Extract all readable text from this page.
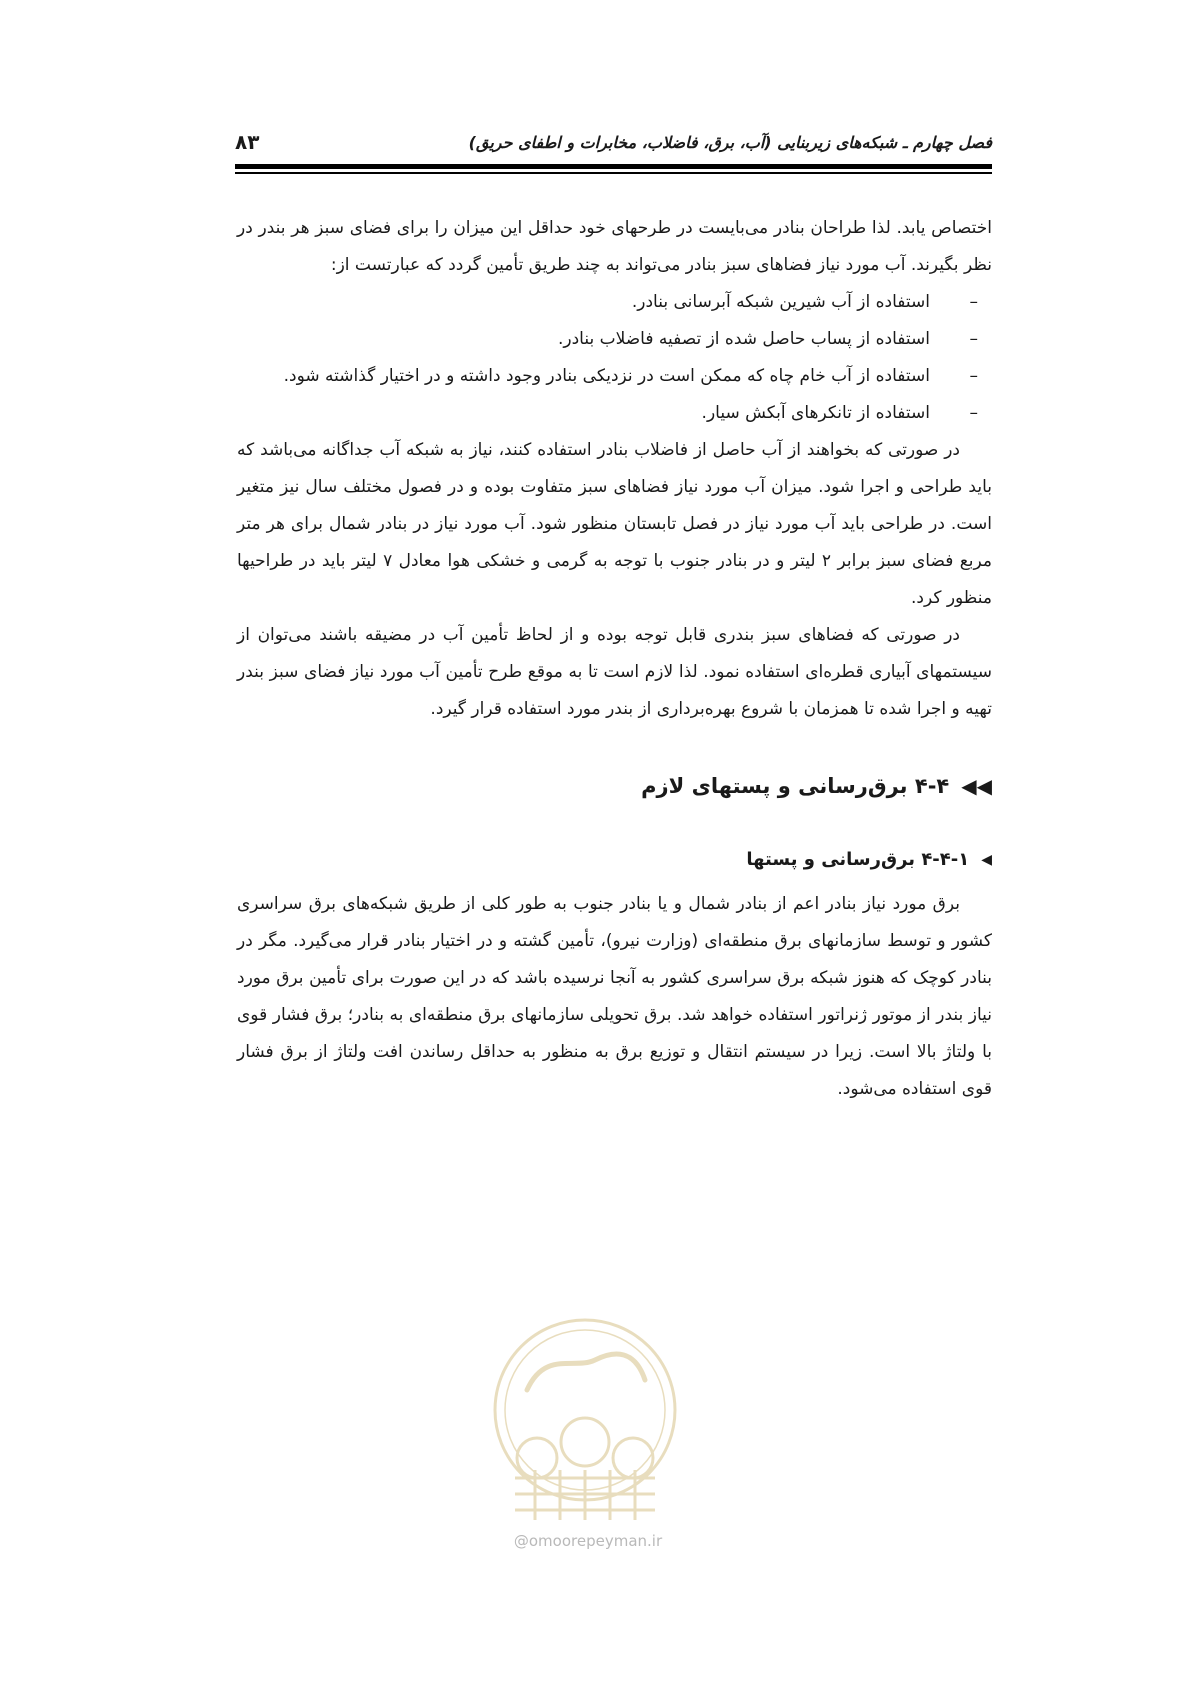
فصل چهارم ـ شبکه‌های زیربنایی (آب، برق، فاضلاب، مخابرات و اطفای حریق)
۸۳

اختصاص یابد. لذا طراحان بنادر می‌بایست در طرحهای خود حداقل این میزان را برای فضای سبز هر بندر در نظر بگیرند. آب مورد نیاز فضاهای سبز بنادر می‌تواند به چند طریق تأمین گردد که عبارتست از:

–
استفاده از آب شیرین شبکه آبرسانی بنادر.
–
استفاده از پساب حاصل شده از تصفیه فاضلاب بنادر.
–
استفاده از آب خام چاه که ممکن است در نزدیکی بنادر وجود داشته و در اختیار گذاشته شود.
–
استفاده از تانکرهای آبکش سیار.

در صورتی که بخواهند از آب حاصل از فاضلاب بنادر استفاده کنند، نیاز به شبکه آب جداگانه می‌باشد که باید طراحی و اجرا شود. میزان آب مورد نیاز فضاهای سبز متفاوت بوده و در فصول مختلف سال نیز متغیر است. در طراحی باید آب مورد نیاز در فصل تابستان منظور شود. آب مورد نیاز در بنادر شمال برای هر متر مربع فضای سبز برابر ۲ لیتر و در بنادر جنوب با توجه به گرمی و خشکی هوا معادل ۷ لیتر باید در طراحیها منظور کرد.

در صورتی که فضاهای سبز بندری قابل توجه بوده و از لحاظ تأمین آب در مضیقه باشند می‌توان از سیستمهای آبیاری قطره‌ای استفاده نمود. لذا لازم است تا به موقع طرح تأمین آب مورد نیاز فضای سبز بندر تهیه و اجرا شده تا همزمان با شروع بهره‌برداری از بندر مورد استفاده قرار گیرد.

◀◀
۴-۴ برق‌رسانی و پستهای لازم
◀
۴-۴-۱ برق‌رسانی و پستها

برق مورد نیاز بنادر اعم از بنادر شمال و یا بنادر جنوب به طور کلی از طریق شبکه‌های برق سراسری کشور و توسط سازمانهای برق منطقه‌ای (وزارت نیرو)، تأمین گشته و در اختیار بنادر قرار می‌گیرد. مگر در بنادر کوچک که هنوز شبکه برق سراسری کشور به آنجا نرسیده باشد که در این صورت برای تأمین برق مورد نیاز بندر از موتور ژنراتور استفاده خواهد شد. برق تحویلی سازمانهای برق منطقه‌ای به بنادر؛ برق فشار قوی با ولتاژ بالا است. زیرا در سیستم انتقال و توزیع برق به منظور به حداقل رساندن افت ولتاژ از برق فشار قوی استفاده می‌شود.

@omoorepeyman.ir
